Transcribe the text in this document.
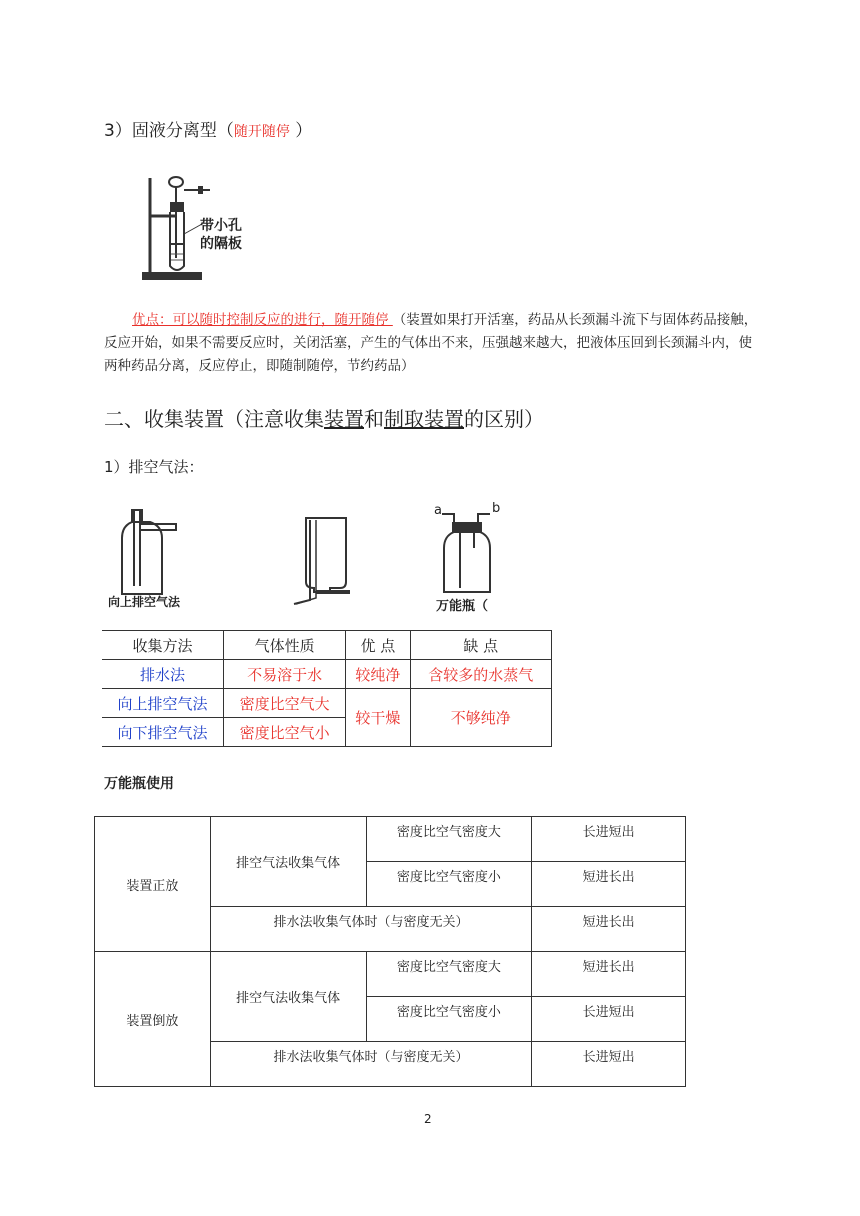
3）固液分离型（随开随停 ）
带小孔
的隔板
优点：可以随时控制反应的进行，随开随停 （装置如果打开活塞，药品从长颈漏斗流下与固体药品接触，反应开始，如果不需要反应时，关闭活塞，产生的气体出不来，压强越来越大，把液体压回到长颈漏斗内，使两种药品分离，反应停止，即随制随停，节约药品）
二、收集装置（注意收集装置和制取装置的区别）
1）排空气法：
向上排空气法
a	b
万能瓶（
收集方法	气体性质	优 点	缺 点
排水法	不易溶于水	较纯净	含较多的水蒸气
向上排空气法	密度比空气大	较干燥	不够纯净
向下排空气法	密度比空气小		
万能瓶使用
装置正放	排空气法收集气体	密度比空气密度大	长进短出
		密度比空气密度小	短进长出
	排水法收集气体时（与密度无关）		短进长出
装置倒放	排空气法收集气体	密度比空气密度大	短进长出
		密度比空气密度小	长进短出
	排水法收集气体时（与密度无关）		长进短出
2
